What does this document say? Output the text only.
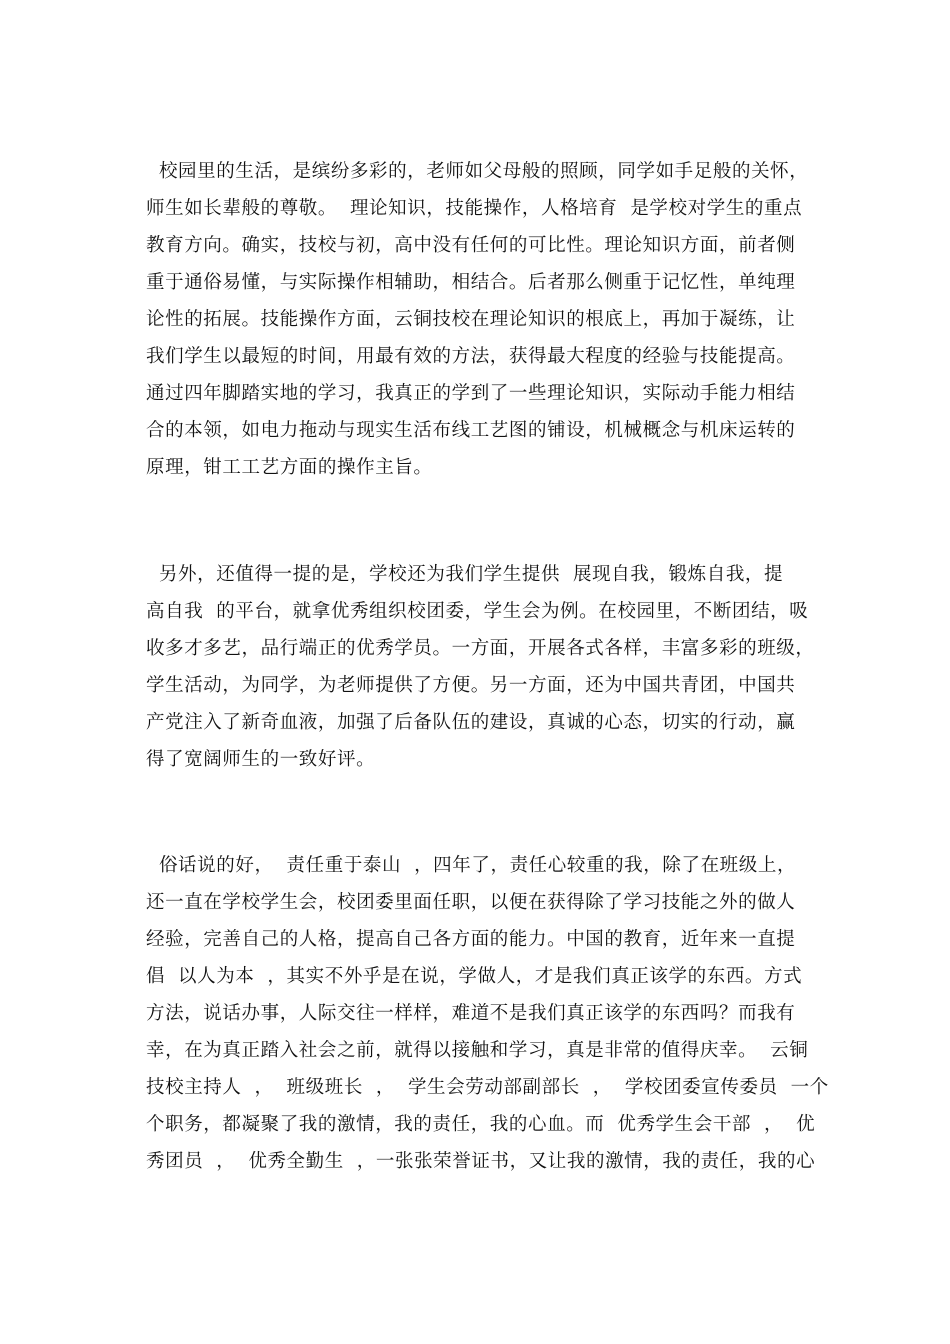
校园里的生活，是缤纷多彩的，老师如父母般的照顾，同学如手足般的关怀，
师生如长辈般的尊敬。  理论知识，技能操作，人格培育  是学校对学生的重点
教育方向。确实，技校与初，高中没有任何的可比性。理论知识方面，前者侧
重于通俗易懂，与实际操作相辅助，相结合。后者那么侧重于记忆性，单纯理
论性的拓展。技能操作方面，云铜技校在理论知识的根底上，再加于凝练，让
我们学生以最短的时间，用最有效的方法，获得最大程度的经验与技能提高。
通过四年脚踏实地的学习，我真正的学到了一些理论知识，实际动手能力相结
合的本领，如电力拖动与现实生活布线工艺图的铺设，机械概念与机床运转的
原理，钳工工艺方面的操作主旨。
另外，还值得一提的是，学校还为我们学生提供  展现自我，锻炼自我，提
高自我  的平台，就拿优秀组织校团委，学生会为例。在校园里，不断团结，吸
收多才多艺，品行端正的优秀学员。一方面，开展各式各样，丰富多彩的班级，
学生活动，为同学，为老师提供了方便。另一方面，还为中国共青团，中国共
产党注入了新奇血液，加强了后备队伍的建设，真诚的心态，切实的行动，赢
得了宽阔师生的一致好评。
俗话说的好，  责任重于泰山  ，四年了，责任心较重的我，除了在班级上，
还一直在学校学生会，校团委里面任职，以便在获得除了学习技能之外的做人
经验，完善自己的人格，提高自己各方面的能力。中国的教育，近年来一直提
倡  以人为本  ，其实不外乎是在说，学做人，才是我们真正该学的东西。方式
方法，说话办事，人际交往一样样，难道不是我们真正该学的东西吗？而我有
幸，在为真正踏入社会之前，就得以接触和学习，真是非常的值得庆幸。  云铜
技校主持人  ，  班级班长  ，  学生会劳动部副部长  ，  学校团委宣传委员  一个
个职务，都凝聚了我的激情，我的责任，我的心血。而  优秀学生会干部  ，  优
秀团员  ，  优秀全勤生  ，一张张荣誉证书，又让我的激情，我的责任，我的心
